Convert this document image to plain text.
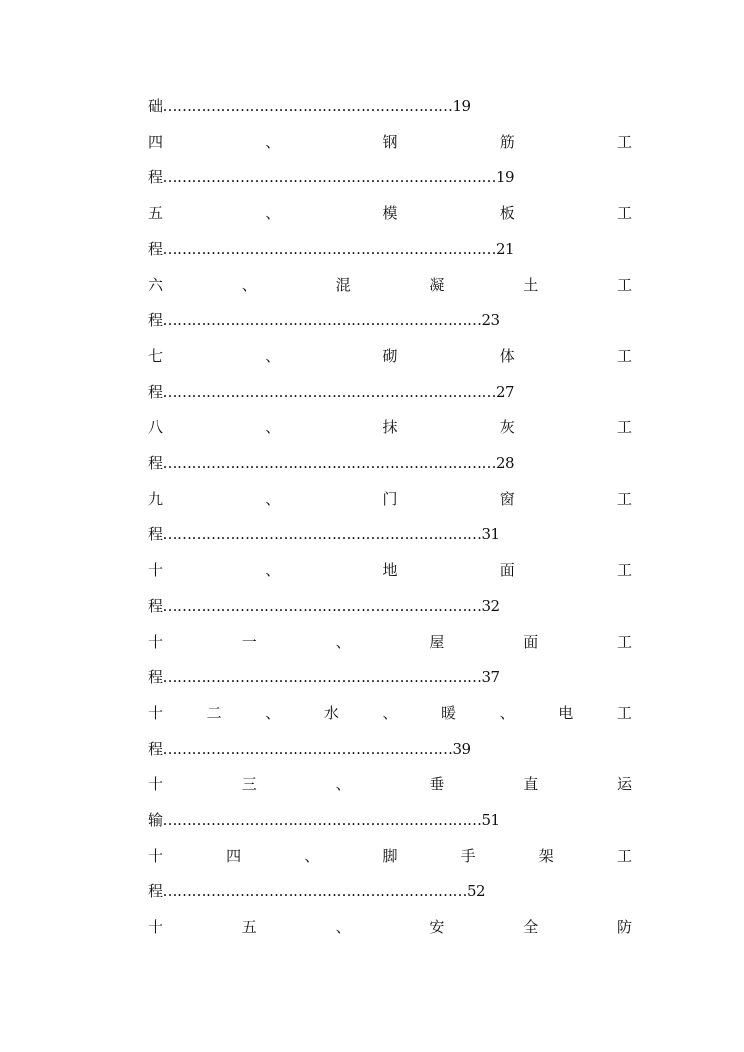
础……………………………………………………19
四	、	钢	筋	工
程……………………………………………………………19
五	、	模	板	工
程……………………………………………………………21
六	、	混	凝	土	工
程…………………………………………………………23
七	、	砌	体	工
程……………………………………………………………27
八	、	抹	灰	工
程……………………………………………………………28
九	、	门	窗	工
程…………………………………………………………31
十	、	地	面	工
程…………………………………………………………32
十	一	、	屋	面	工
程…………………………………………………………37
十	二	、	水	、	暖	、	电	工
程……………………………………………………39
十	三	、	垂	直	运
输…………………………………………………………51
十	四	、	脚	手	架	工
程………………………………………………………52
十	五	、	安	全	防
